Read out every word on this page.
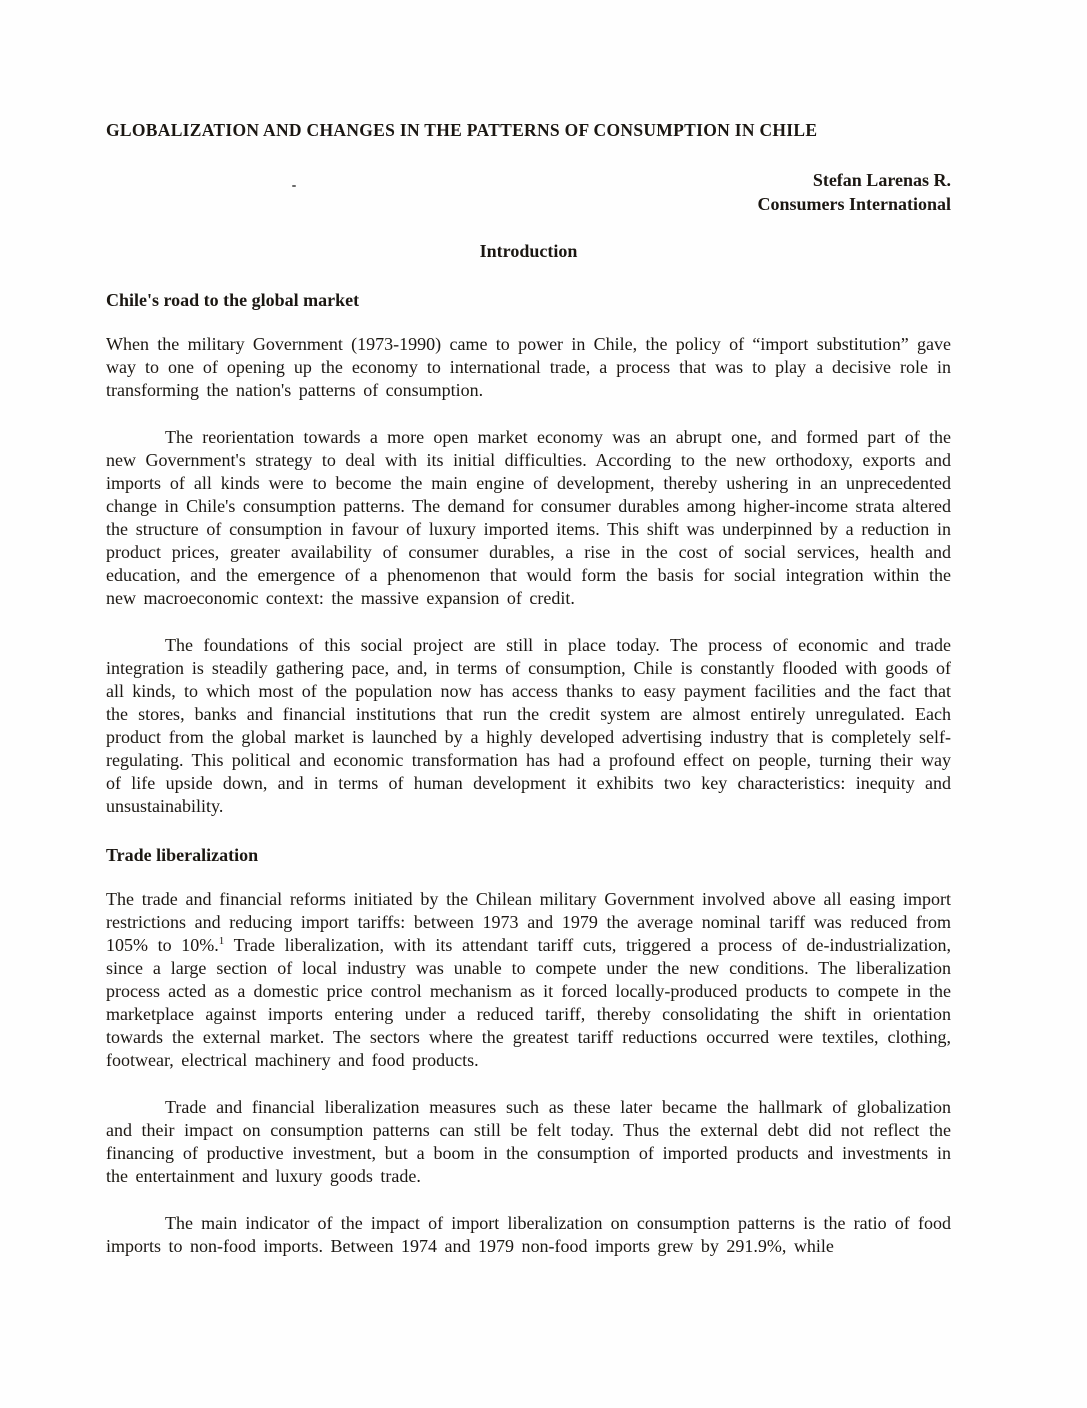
GLOBALIZATION AND CHANGES IN THE PATTERNS OF CONSUMPTION IN CHILE
Stefan Larenas R.
Consumers International
Introduction
Chile's road to the global market

When the military Government (1973-1990) came to power in Chile, the policy of “import substitution” gave way to one of opening up the economy to international trade, a process that was to play a decisive role in transforming the nation's patterns of consumption.

The reorientation towards a more open market economy was an abrupt one, and formed part of the new Government's strategy to deal with its initial difficulties. According to the new orthodoxy, exports and imports of all kinds were to become the main engine of development, thereby ushering in an unprecedented change in Chile's consumption patterns. The demand for consumer durables among higher-income strata altered the structure of consumption in favour of luxury imported items. This shift was underpinned by a reduction in product prices, greater availability of consumer durables, a rise in the cost of social services, health and education, and the emergence of a phenomenon that would form the basis for social integration within the new macroeconomic context: the massive expansion of credit.

The foundations of this social project are still in place today. The process of economic and trade integration is steadily gathering pace, and, in terms of consumption, Chile is constantly flooded with goods of all kinds, to which most of the population now has access thanks to easy payment facilities and the fact that the stores, banks and financial institutions that run the credit system are almost entirely unregulated. Each product from the global market is launched by a highly developed advertising industry that is completely self-regulating. This political and economic transformation has had a profound effect on people, turning their way of life upside down, and in terms of human development it exhibits two key characteristics: inequity and unsustainability.

Trade liberalization

The trade and financial reforms initiated by the Chilean military Government involved above all easing import restrictions and reducing import tariffs: between 1973 and 1979 the average nominal tariff was reduced from 105% to 10%.$^1$ Trade liberalization, with its attendant tariff cuts, triggered a process of de-industrialization, since a large section of local industry was unable to compete under the new conditions. The liberalization process acted as a domestic price control mechanism as it forced locally-produced products to compete in the marketplace against imports entering under a reduced tariff, thereby consolidating the shift in orientation towards the external market. The sectors where the greatest tariff reductions occurred were textiles, clothing, footwear, electrical machinery and food products.

Trade and financial liberalization measures such as these later became the hallmark of globalization and their impact on consumption patterns can still be felt today. Thus the external debt did not reflect the financing of productive investment, but a boom in the consumption of imported products and investments in the entertainment and luxury goods trade.

The main indicator of the impact of import liberalization on consumption patterns is the ratio of food imports to non-food imports. Between 1974 and 1979 non-food imports grew by 291.9%, while
